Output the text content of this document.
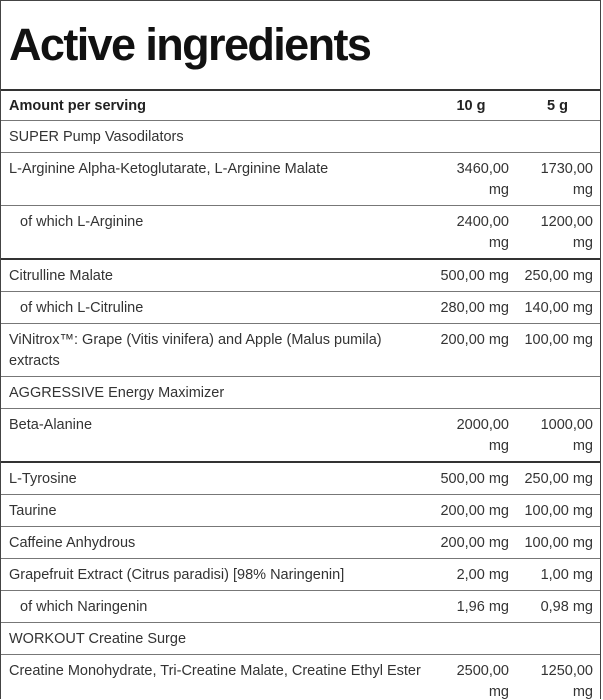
Active ingredients
Amount per serving	10 g	5 g
SUPER Pump Vasodilators		
L-Arginine Alpha-Ketoglutarate, L-Arginine Malate	3460,00 mg	1730,00 mg
of which L-Arginine	2400,00 mg	1200,00 mg
Citrulline Malate	500,00 mg	250,00 mg
of which L-Citruline	280,00 mg	140,00 mg
ViNitrox™: Grape (Vitis vinifera) and Apple (Malus pumila) extracts	200,00 mg	100,00 mg
AGGRESSIVE Energy Maximizer		
Beta-Alanine	2000,00 mg	1000,00 mg
L-Tyrosine	500,00 mg	250,00 mg
Taurine	200,00 mg	100,00 mg
Caffeine Anhydrous	200,00 mg	100,00 mg
Grapefruit Extract (Citrus paradisi) [98% Naringenin]	2,00 mg	1,00 mg
of which Naringenin	1,96 mg	0,98 mg
WORKOUT Creatine Surge		
Creatine Monohydrate, Tri-Creatine Malate, Creatine Ethyl Ester	2500,00 mg	1250,00 mg
